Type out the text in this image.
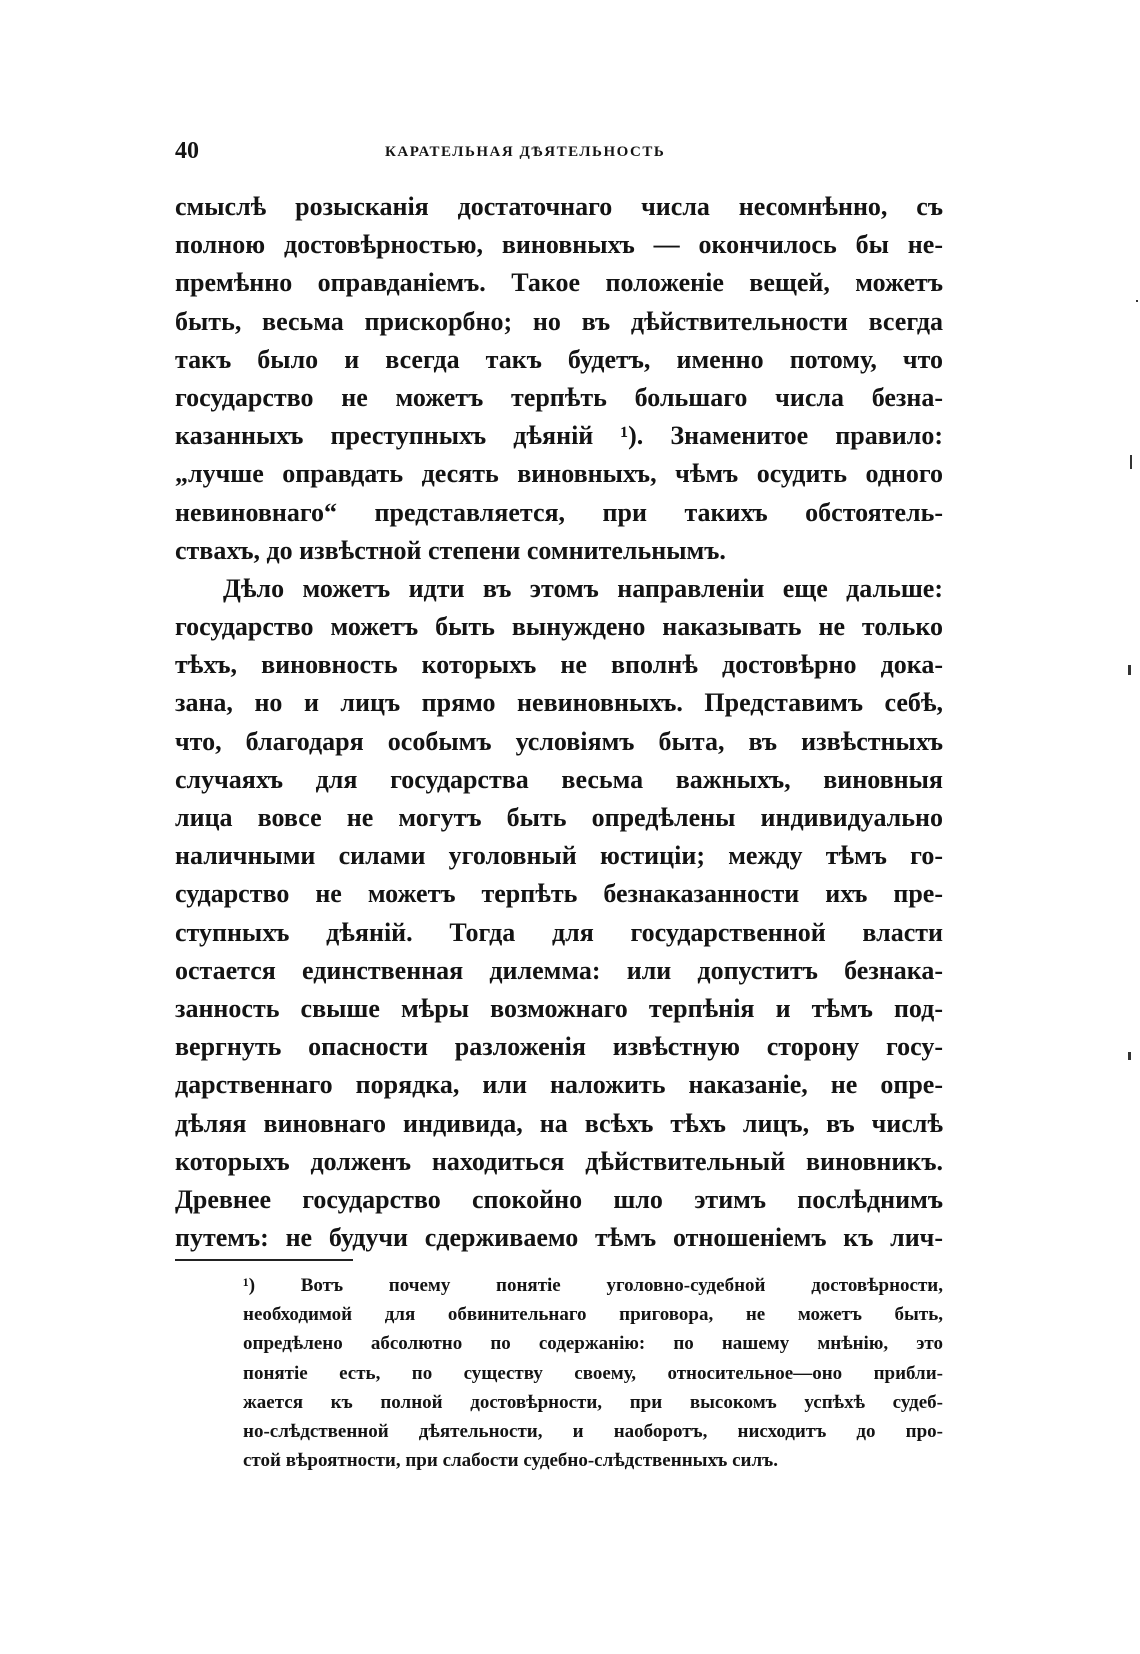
40	КАРАТЕЛЬНАЯ ДѢЯТЕЛЬНОСТЬ
смыслѣ розысканія достаточнаго числа несомнѣнно, съ
полною достовѣрностью, виновныхъ — окончилось бы не-
премѣнно оправданіемъ. Такое положеніе вещей, можетъ
быть, весьма прискорбно; но въ дѣйствительности всегда
такъ было и всегда такъ будетъ, именно потому, что
государство не можетъ терпѣть большаго числа безна-
казанныхъ преступныхъ дѣяній ¹). Знаменитое правило:
„лучше оправдать десять виновныхъ, чѣмъ осудить одного
невиновнаго“ представляется, при такихъ обстоятель-
ствахъ, до извѣстной степени сомнительнымъ.
Дѣло можетъ идти въ этомъ направленіи еще дальше:
государство можетъ быть вынуждено наказывать не только
тѣхъ, виновность которыхъ не вполнѣ достовѣрно дока-
зана, но и лицъ прямо невиновныхъ. Представимъ себѣ,
что, благодаря особымъ условіямъ быта, въ извѣстныхъ
случаяхъ для государства весьма важныхъ, виновныя
лица вовсе не могутъ быть опредѣлены индивидуально
наличными силами уголовный юстиціи; между тѣмъ го-
сударство не можетъ терпѣть безнаказанности ихъ пре-
ступныхъ дѣяній. Тогда для государственной власти
остается единственная дилемма: или допуститъ безнака-
занность свыше мѣры возможнаго терпѣнія и тѣмъ под-
вергнуть опасности разложенія извѣстную сторону госу-
дарственнаго порядка, или наложить наказаніе, не опре-
дѣляя виновнаго индивида, на всѣхъ тѣхъ лицъ, въ числѣ
которыхъ долженъ находиться дѣйствительный виновникъ.
Древнее государство спокойно шло этимъ послѣднимъ
путемъ: не будучи сдерживаемо тѣмъ отношеніемъ къ лич-
¹) Вотъ почему понятіе уголовно-судебной достовѣрности,
необходимой для обвинительнаго приговора, не можетъ быть,
опредѣлено абсолютно по содержанію: по нашему мнѣнію, это
понятіе есть, по существу своему, относительное—оно прибли-
жается къ полной достовѣрности, при высокомъ успѣхѣ судеб-
но-слѣдственной дѣятельности, и наоборотъ, нисходитъ до про-
стой вѣроятности, при слабости судебно-слѣдственныхъ силъ.
